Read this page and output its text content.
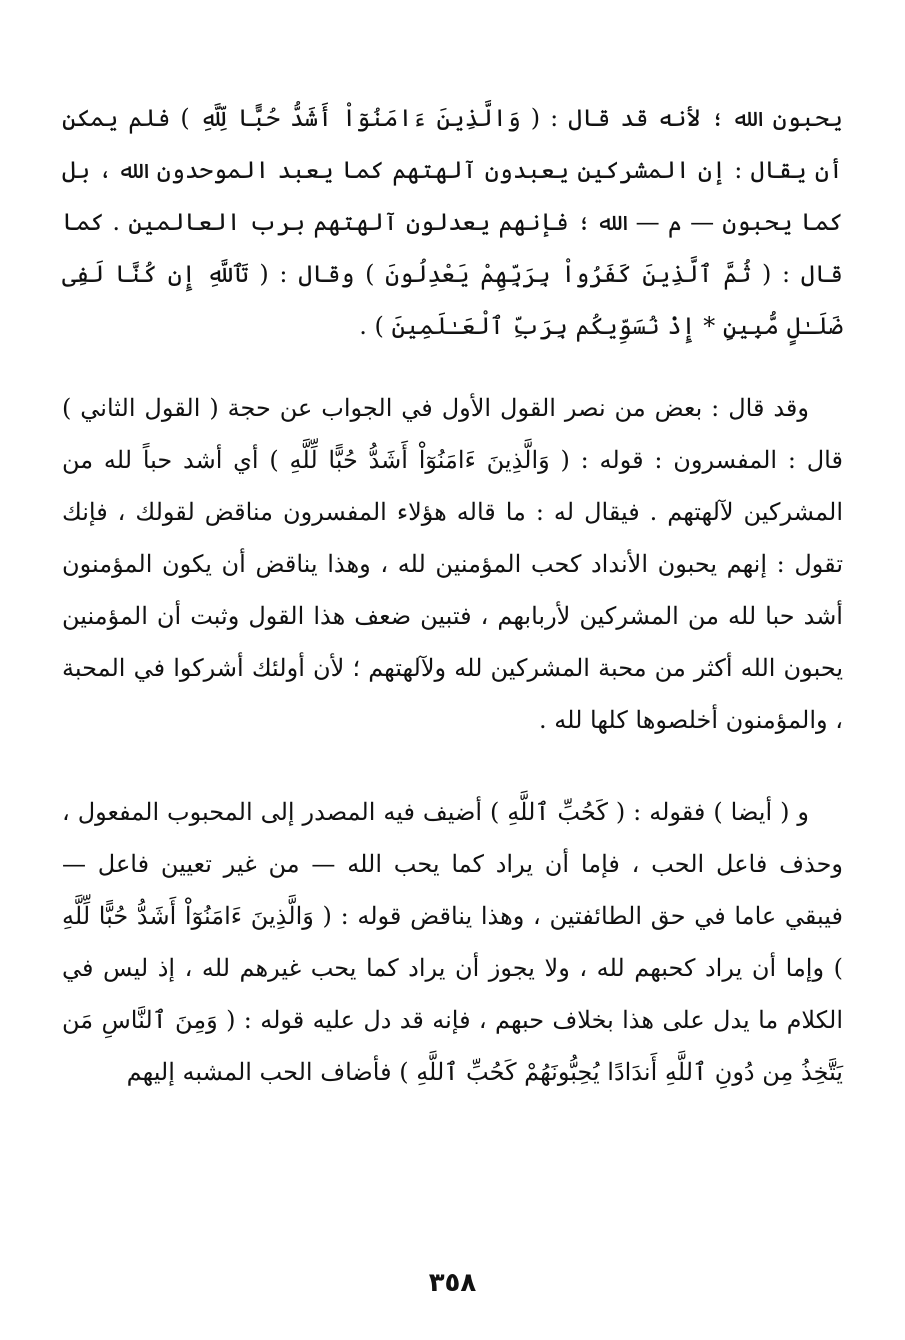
يحبون الله ؛ لأنه قد قال : ( وَالَّذِينَ ءَامَنُوٓاْ أَشَدُّ حُبًّا لِّلَّهِ ) فلم يمكن أن يقال : إن المشركين يعبدون آلهتهم كما يعبد الموحدون الله ، بل كما يحبون — م — الله ؛ فإنهم يعدلون آلهتهم برب العالمين . كما قال : ( ثُمَّ ٱلَّذِينَ كَفَرُواْ بِرَبِّهِمْ يَعْدِلُونَ ) وقال : ( تَٱللَّهِ إِن كُنَّا لَفِى ضَلَـٰلٍ مُّبِينٍ * إِذْ نُسَوِّيكُم بِرَبِّ ٱلْعَـٰلَمِينَ ) .

وقد قال : بعض من نصر القول الأول في الجواب عن حجة ( القول الثاني ) قال : المفسرون : قوله : ( وَالَّذِينَ ءَامَنُوٓاْ أَشَدُّ حُبًّا لِّلَّهِ ) أي أشد حباً لله من المشركين لآلهتهم . فيقال له : ما قاله هؤلاء المفسرون مناقض لقولك ، فإنك تقول : إنهم يحبون الأنداد كحب المؤمنين لله ، وهذا يناقض أن يكون المؤمنون أشد حبا لله من المشركين لأربابهم ، فتبين ضعف هذا القول وثبت أن المؤمنين يحبون الله أكثر من محبة المشركين لله ولآلهتهم ؛ لأن أولئك أشركوا في المحبة ، والمؤمنون أخلصوها كلها لله .

و ( أيضا ) فقوله : ( كَحُبِّ ٱللَّهِ ) أضيف فيه المصدر إلى المحبوب المفعول ، وحذف فاعل الحب ، فإما أن يراد كما يحب الله — من غير تعيين فاعل — فيبقي عاما في حق الطائفتين ، وهذا يناقض قوله : ( وَالَّذِينَ ءَامَنُوٓاْ أَشَدُّ حُبًّا لِّلَّهِ ) وإما أن يراد كحبهم لله ، ولا يجوز أن يراد كما يحب غيرهم لله ، إذ ليس في الكلام ما يدل على هذا بخلاف حبهم ، فإنه قد دل عليه قوله : ( وَمِنَ ٱلنَّاسِ مَن يَتَّخِذُ مِن دُونِ ٱللَّهِ أَندَادًا يُحِبُّونَهُمْ كَحُبِّ ٱللَّهِ ) فأضاف الحب المشبه إليهم

٣٥٨
